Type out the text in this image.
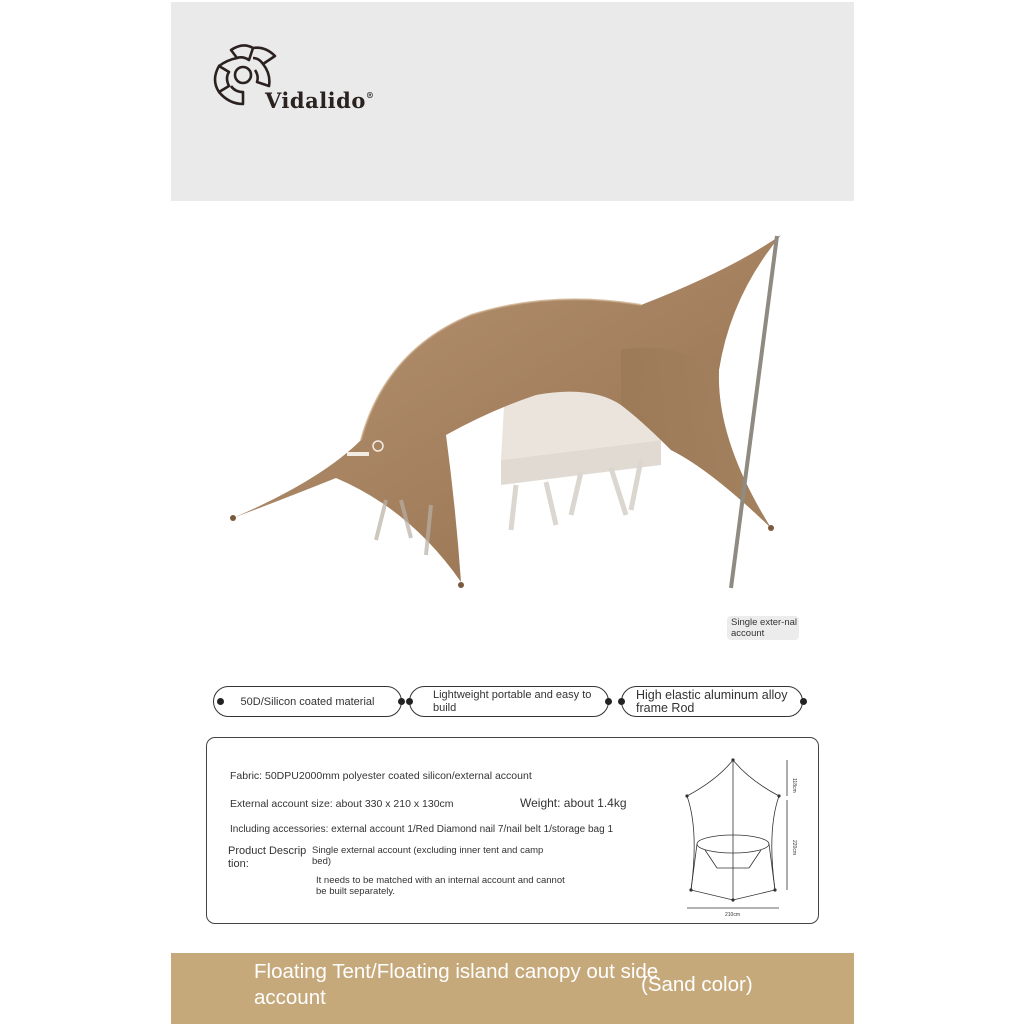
Vidalido®
Single exter-nal account
50D/Silicon coated material
Lightweight portable and easy to build
High elastic aluminum alloy frame Rod
Fabric: 50DPU2000mm polyester coated silicon/external account
External account size: about 330 x 210 x 130cm	Weight: about 1.4kg
Including accessories: external account 1/Red Diamond nail 7/nail belt 1/storage bag 1
Product Descrip tion:
Single external account (excluding inner tent and camp bed)
It needs to be matched with an internal account and cannot be built separately.
118cm
220cm
210cm
Floating Tent/Floating island canopy out side account
(Sand color)
